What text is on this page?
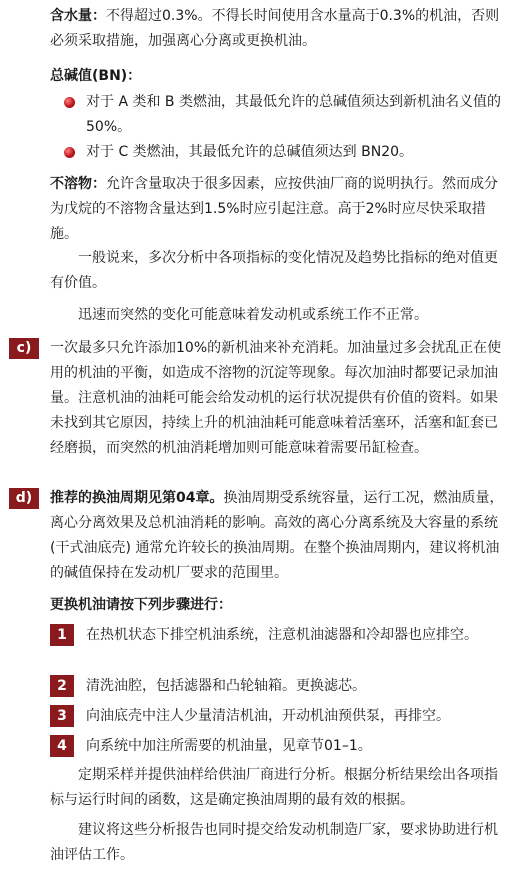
含水量：不得超过0.3%。不得长时间使用含水量高于0.3%的机油，否则必须采取措施，加强离心分离或更换机油。

总碱值(BN)：

对于 A 类和 B 类燃油，其最低允许的总碱值须达到新机油名义值的 50%。
对于 C 类燃油，其最低允许的总碱值须达到 BN20。

不溶物：允许含量取决于很多因素，应按供油厂商的说明执行。然而成分为戊烷的不溶物含量达到1.5%时应引起注意。高于2%时应尽快采取措施。

一般说来，多次分析中各项指标的变化情况及趋势比指标的绝对值更有价值。

迅速而突然的变化可能意味着发动机或系统工作不正常。

c)	一次最多只允许添加10%的新机油来补充消耗。加油量过多会扰乱正在使用的机油的平衡，如造成不溶物的沉淀等现象。每次加油时都要记录加油量。注意机油的油耗可能会给发动机的运行状况提供有价值的资料。如果未找到其它原因，持续上升的机油油耗可能意味着活塞环，活塞和缸套已经磨损，而突然的机油消耗增加则可能意味着需要吊缸检查。

d)	推荐的换油周期见第04章。换油周期受系统容量，运行工况，燃油质量，离心分离效果及总机油消耗的影响。高效的离心分离系统及大容量的系统(干式油底壳) 通常允许较长的换油周期。在整个换油周期内，建议将机油的碱值保持在发动机厂要求的范围里。

更换机油请按下列步骤进行：

1	在热机状态下排空机油系统，注意机油滤器和冷却器也应排空。
2	清洗油腔，包括滤器和凸轮轴箱。更换滤芯。
3	向油底壳中注人少量清洁机油，开动机油预供泵，再排空。
4	向系统中加注所需要的机油量，见章节01–1。

定期采样并提供油样给供油厂商进行分析。根据分析结果绘出各项指标与运行时间的函数，这是确定换油周期的最有效的根据。

建议将这些分析报告也同时提交给发动机制造厂家，要求协助进行机油评估工作。
